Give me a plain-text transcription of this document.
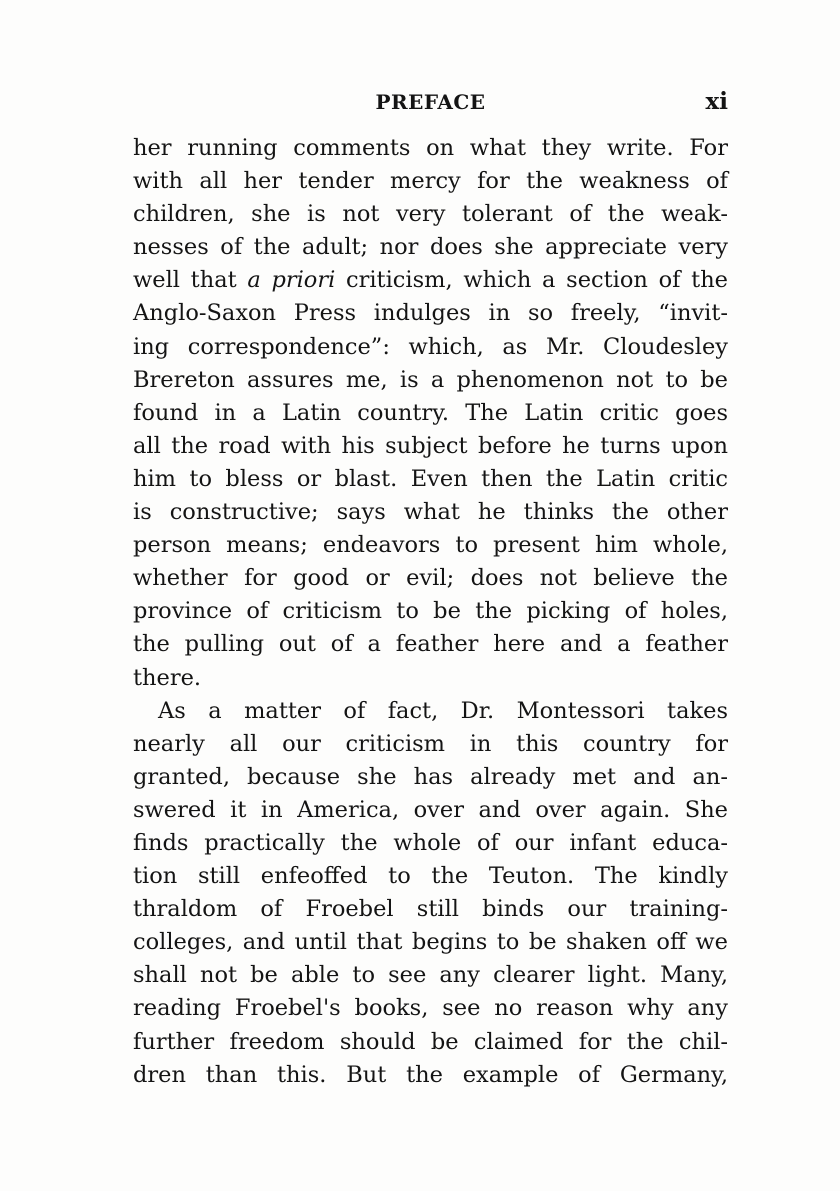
PREFACE	xi
her running comments on what they write. For
with all her tender mercy for the weakness of
children, she is not very tolerant of the weak-
nesses of the adult; nor does she appreciate very
well that a priori criticism, which a section of the
Anglo-Saxon Press indulges in so freely, “invit-
ing correspondence”: which, as Mr. Cloudesley
Brereton assures me, is a phenomenon not to be
found in a Latin country. The Latin critic goes
all the road with his subject before he turns upon
him to bless or blast. Even then the Latin critic
is constructive; says what he thinks the other
person means; endeavors to present him whole,
whether for good or evil; does not believe the
province of criticism to be the picking of holes,
the pulling out of a feather here and a feather
there.
As a matter of fact, Dr. Montessori takes
nearly all our criticism in this country for
granted, because she has already met and an-
swered it in America, over and over again. She
finds practically the whole of our infant educa-
tion still enfeoffed to the Teuton. The kindly
thraldom of Froebel still binds our training-
colleges, and until that begins to be shaken off we
shall not be able to see any clearer light. Many,
reading Froebel's books, see no reason why any
further freedom should be claimed for the chil-
dren than this. But the example of Germany,
